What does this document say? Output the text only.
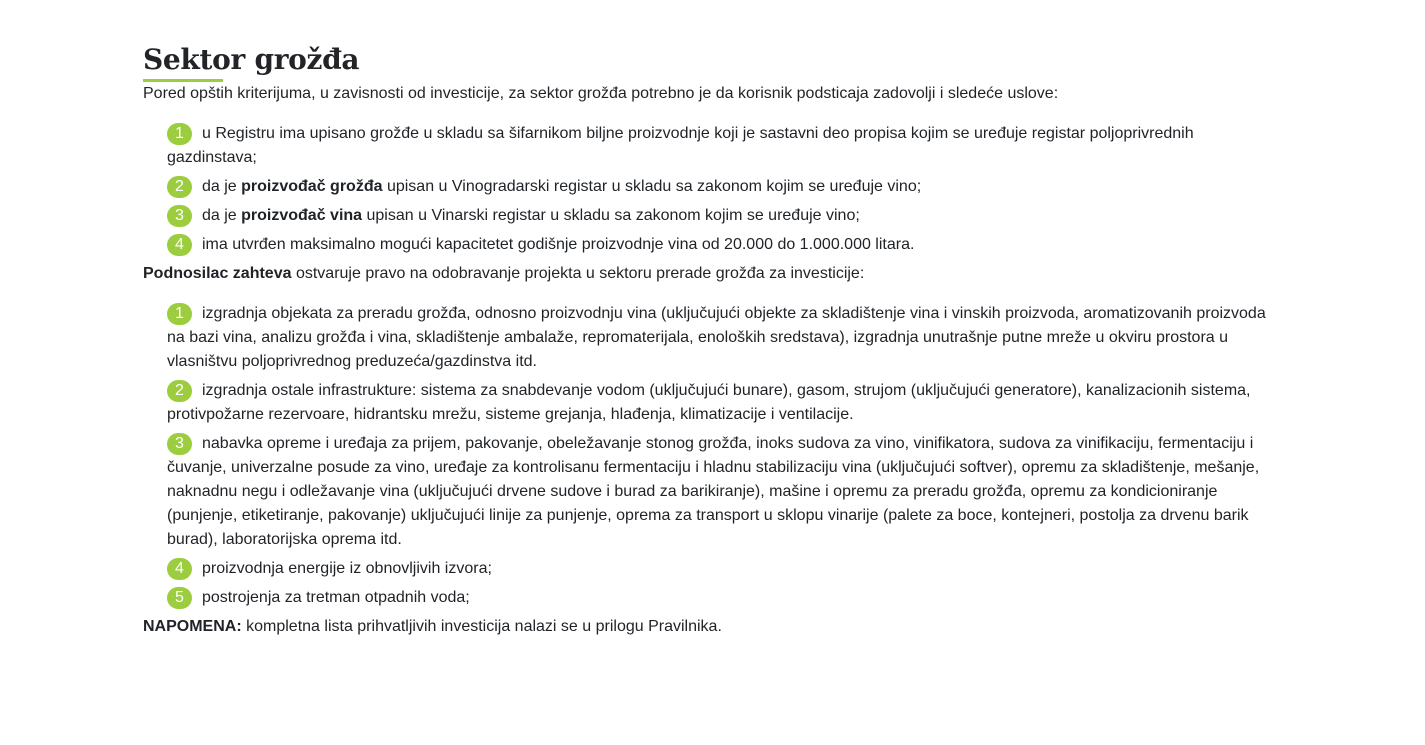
Sektor grožđa

Pored opštih kriterijuma, u zavisnosti od investicije, za sektor grožđa potrebno je da korisnik podsticaja zadovolji i sledeće uslove:

1 u Registru ima upisano grožđe u skladu sa šifarnikom biljne proizvodnje koji je sastavni deo propisa kojim se uređuje registar poljoprivrednih gazdinstava;
2 da je proizvođač grožđa upisan u Vinogradarski registar u skladu sa zakonom kojim se uređuje vino;
3 da je proizvođač vina upisan u Vinarski registar u skladu sa zakonom kojim se uređuje vino;
4 ima utvrđen maksimalno mogući kapacitetet godišnje proizvodnje vina od 20.000 do 1.000.000 litara.

Podnosilac zahteva ostvaruje pravo na odobravanje projekta u sektoru prerade grožđa za investicije:

1 izgradnja objekata za preradu grožđa, odnosno proizvodnju vina (uključujući objekte za skladištenje vina i vinskih proizvoda, aromatizovanih proizvoda na bazi vina, analizu grožđa i vina, skladištenje ambalaže, repromaterijala, enoloških sredstava), izgradnja unutrašnje putne mreže u okviru prostora u vlasništvu poljoprivrednog preduzeća/gazdinstva itd.
2 izgradnja ostale infrastrukture: sistema za snabdevanje vodom (uključujući bunare), gasom, strujom (uključujući generatore), kanalizacionih sistema, protivpožarne rezervoare, hidrantsku mrežu, sisteme grejanja, hlađenja, klimatizacije i ventilacije.
3 nabavka opreme i uređaja za prijem, pakovanje, obeležavanje stonog grožđa, inoks sudova za vino, vinifikatora, sudova za vinifikaciju, fermentaciju i čuvanje, univerzalne posude za vino, uređaje za kontrolisanu fermentaciju i hladnu stabilizaciju vina (uključujući softver), opremu za skladištenje, mešanje, naknadnu negu i odležavanje vina (uključujući drvene sudove i burad za barikiranje), mašine i opremu za preradu grožđa, opremu za kondicioniranje (punjenje, etiketiranje, pakovanje) uključujući linije za punjenje, oprema za transport u sklopu vinarije (palete za boce, kontejneri, postolja za drvenu barik burad), laboratorijska oprema itd.
4 proizvodnja energije iz obnovljivih izvora;
5 postrojenja za tretman otpadnih voda;

NAPOMENA: kompletna lista prihvatljivih investicija nalazi se u prilogu Pravilnika.
